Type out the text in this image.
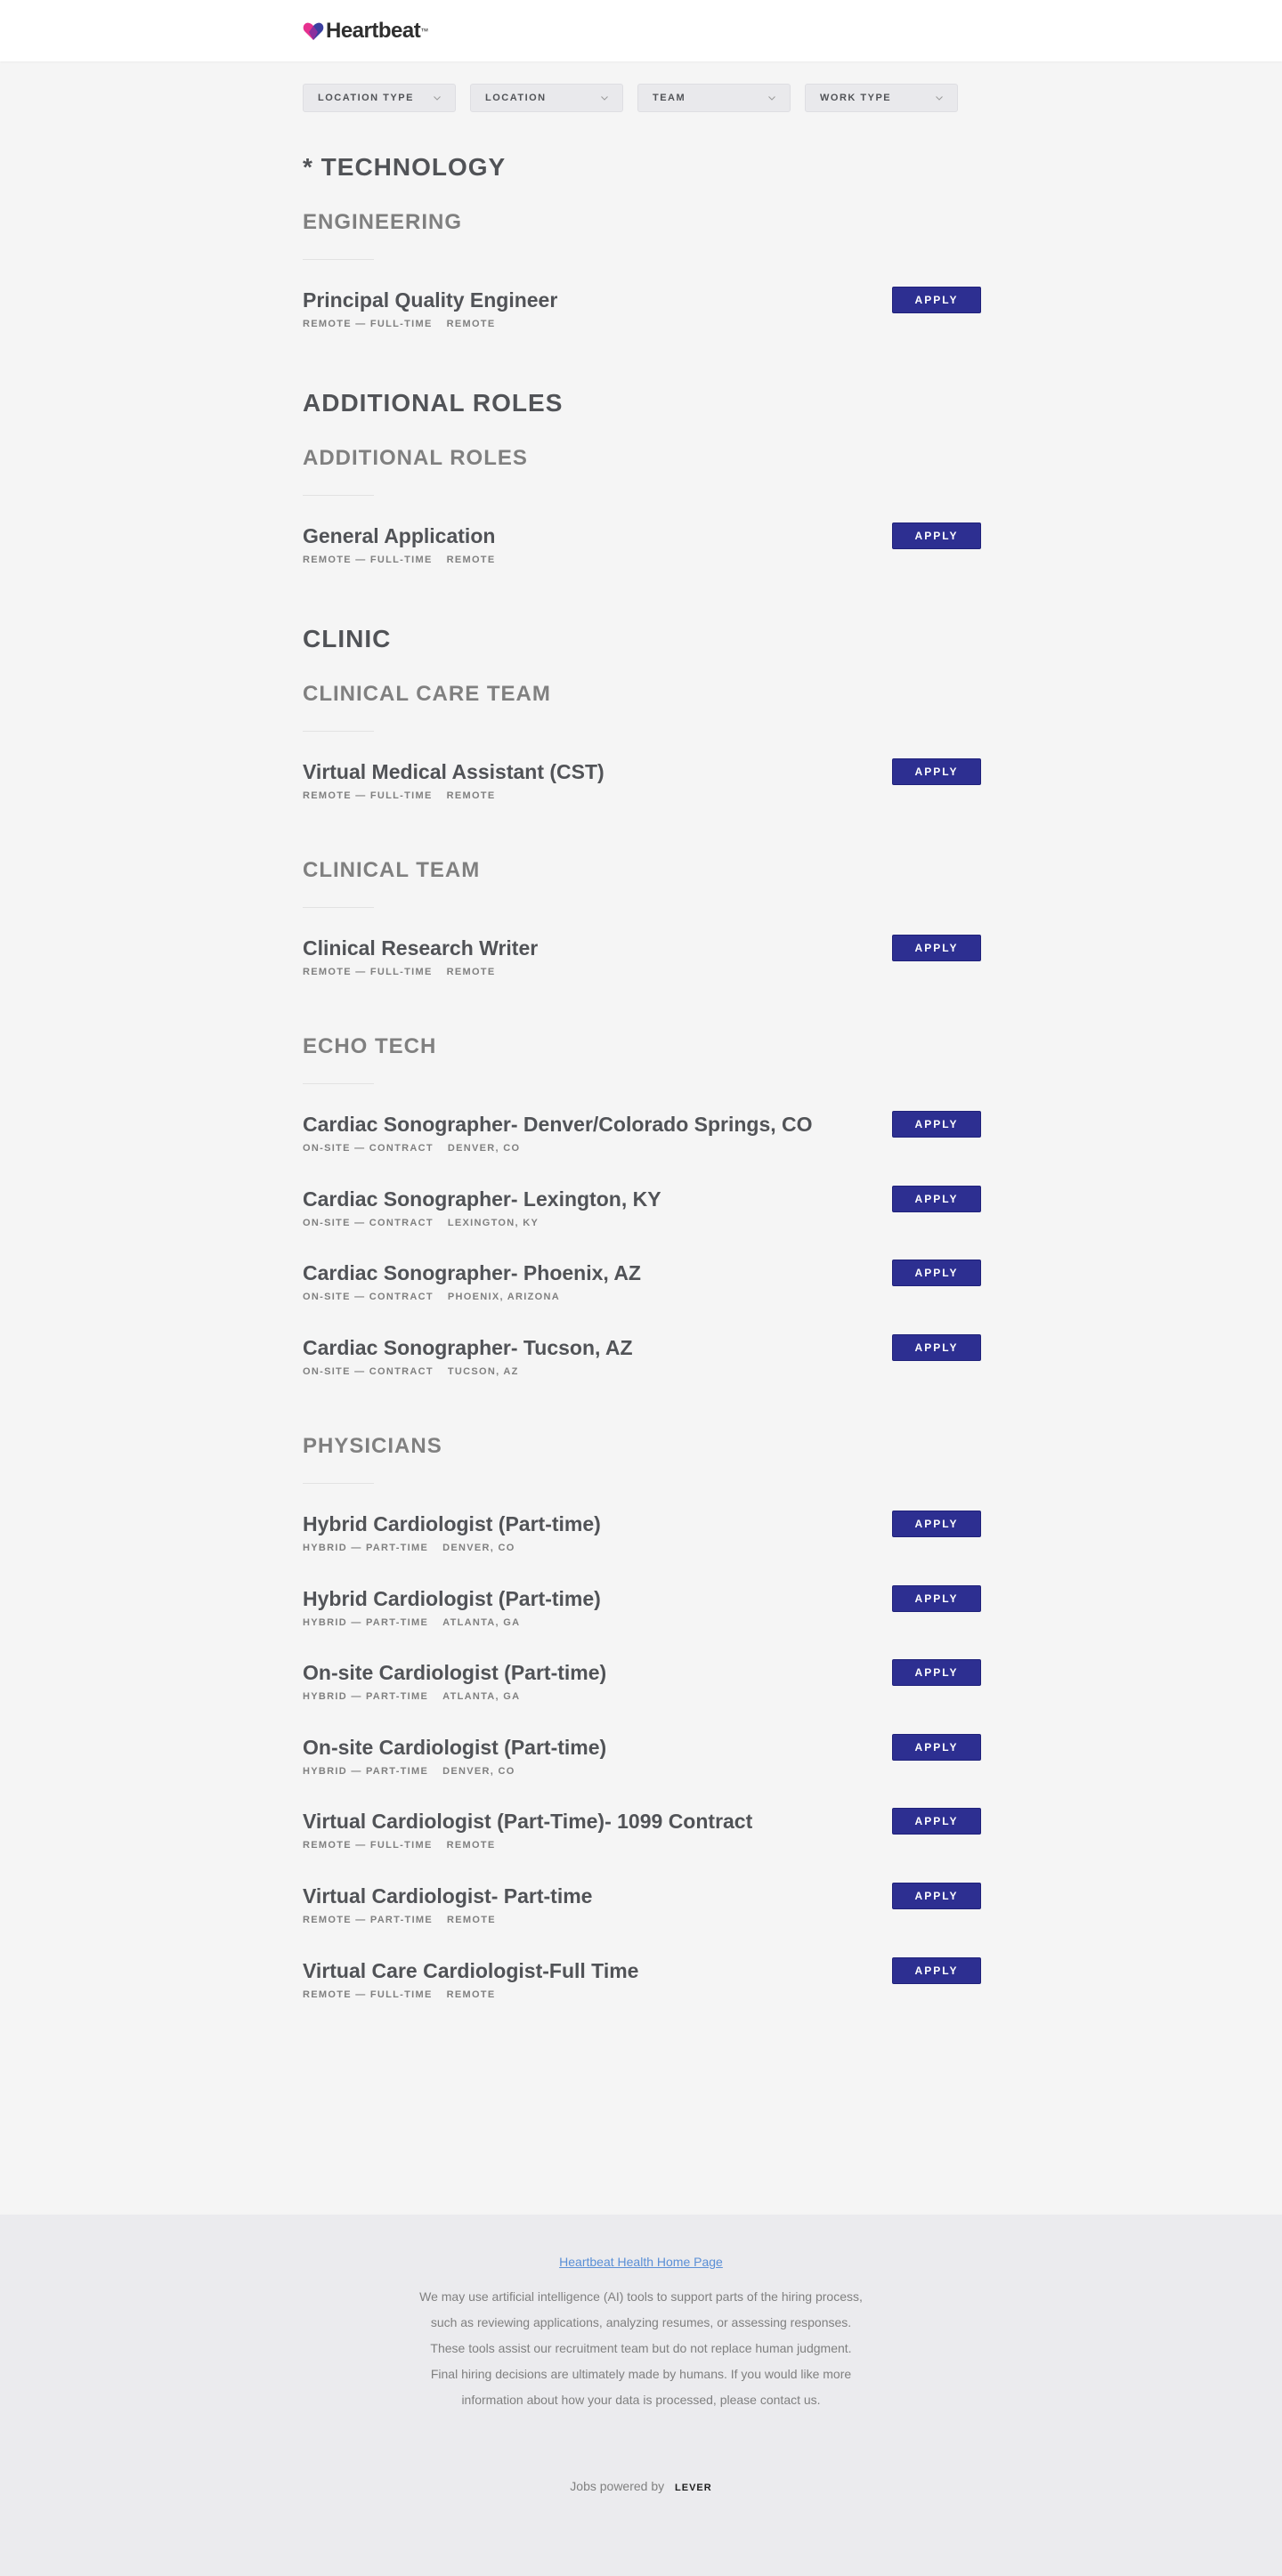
Heartbeat ™
LOCATION TYPE	LOCATION	TEAM	WORK TYPE
* TECHNOLOGY
ENGINEERING
Principal Quality Engineer
REMOTE — FULL-TIME REMOTE
APPLY
ADDITIONAL ROLES
ADDITIONAL ROLES
General Application
REMOTE — FULL-TIME REMOTE
APPLY
CLINIC
CLINICAL CARE TEAM
Virtual Medical Assistant (CST)
REMOTE — FULL-TIME REMOTE
APPLY
CLINICAL TEAM
Clinical Research Writer
REMOTE — FULL-TIME REMOTE
APPLY
ECHO TECH
Cardiac Sonographer- Denver/Colorado Springs, CO
ON-SITE — CONTRACT DENVER, CO
APPLY
Cardiac Sonographer- Lexington, KY
ON-SITE — CONTRACT LEXINGTON, KY
APPLY
Cardiac Sonographer- Phoenix, AZ
ON-SITE — CONTRACT PHOENIX, ARIZONA
APPLY
Cardiac Sonographer- Tucson, AZ
ON-SITE — CONTRACT TUCSON, AZ
APPLY
PHYSICIANS
Hybrid Cardiologist (Part-time)
HYBRID — PART-TIME DENVER, CO
APPLY
Hybrid Cardiologist (Part-time)
HYBRID — PART-TIME ATLANTA, GA
APPLY
On-site Cardiologist (Part-time)
HYBRID — PART-TIME ATLANTA, GA
APPLY
On-site Cardiologist (Part-time)
HYBRID — PART-TIME DENVER, CO
APPLY
Virtual Cardiologist (Part-Time)- 1099 Contract
REMOTE — FULL-TIME REMOTE
APPLY
Virtual Cardiologist- Part-time
REMOTE — PART-TIME REMOTE
APPLY
Virtual Care Cardiologist-Full Time
REMOTE — FULL-TIME REMOTE
APPLY
Heartbeat Health Home Page
We may use artificial intelligence (AI) tools to support parts of the hiring process, such as reviewing applications, analyzing resumes, or assessing responses. These tools assist our recruitment team but do not replace human judgment. Final hiring decisions are ultimately made by humans. If you would like more information about how your data is processed, please contact us.
Jobs powered by LEVER
